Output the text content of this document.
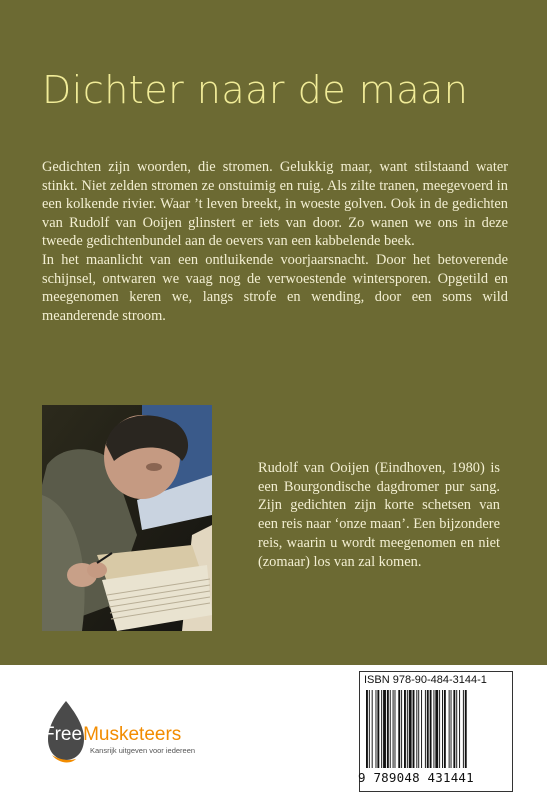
Dichter naar de maan

Gedichten zijn woorden, die stromen. Gelukkig maar, want stilstaand water stinkt. Niet zelden stromen ze onstuimig en ruig. Als zilte tranen, meegevoerd in een kolkende rivier. Waar ’t leven breekt, in woeste golven. Ook in de gedichten van Rudolf van Ooijen glinstert er iets van door. Zo wanen we ons in deze tweede gedichtenbundel aan de oevers van een kabbelende beek.

In het maanlicht van een ontluikende voorjaarsnacht. Door het betoverende schijnsel, ontwaren we vaag nog de verwoestende wintersporen. Opgetild en meegenomen keren we, langs strofe en wending, door een soms wild meanderende stroom.

Rudolf van Ooijen (Eindhoven, 1980) is een Bourgondische dagdromer pur sang. Zijn gedichten zijn korte schetsen van een reis naar ‘onze maan’. Een bijzondere reis, waarin u wordt meegenomen en niet (zomaar) los van zal komen.

FreeMusketeers
Kansrijk uitgeven voor iedereen
ISBN 978-90-484-3144-1
9 789048 431441
